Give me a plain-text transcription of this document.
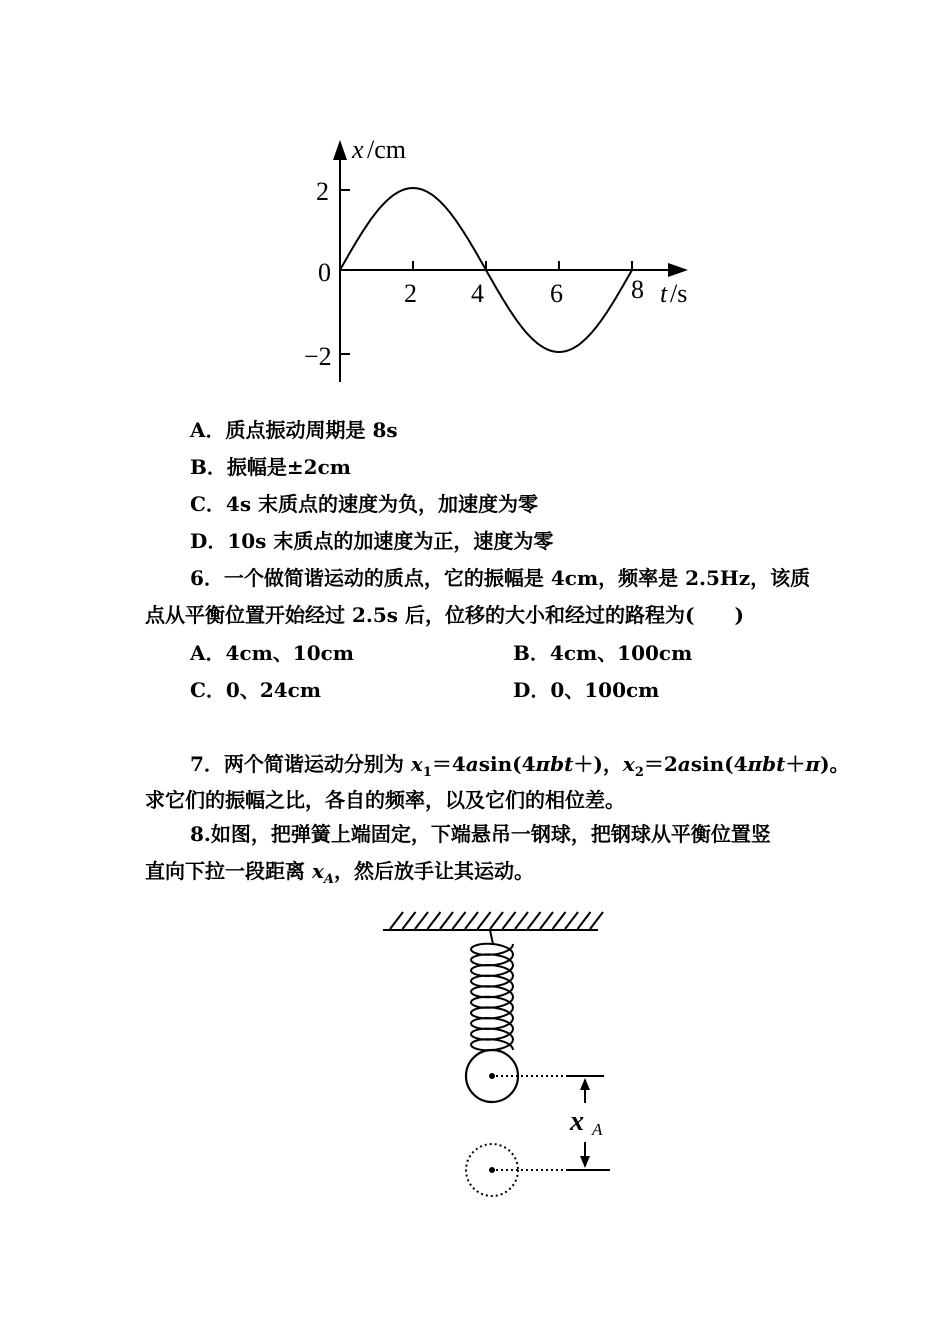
x /cm
2
0
−2
2 4	6	8 t /s
A．质点振动周期是 8s
B．振幅是±2cm
C．4s 末质点的速度为负，加速度为零
D．10s 末质点的加速度为正，速度为零
6．一个做简谐运动的质点，它的振幅是 4cm，频率是 2.5Hz，该质
点从平衡位置开始经过 2.5s 后，位移的大小和经过的路程为(　　)
A．4cm、10cm	B．4cm、100cm
C．0、24cm	D．0、100cm
7．两个简谐运动分别为 $x_1=4asin(4\pi bt+)$，$x_2=2asin(4\pi bt+\pi)$。
求它们的振幅之比，各自的频率，以及它们的相位差。
8.如图，把弹簧上端固定，下端悬吊一钢球，把钢球从平衡位置竖
直向下拉一段距离 $x_A$，然后放手让其运动。
x A
